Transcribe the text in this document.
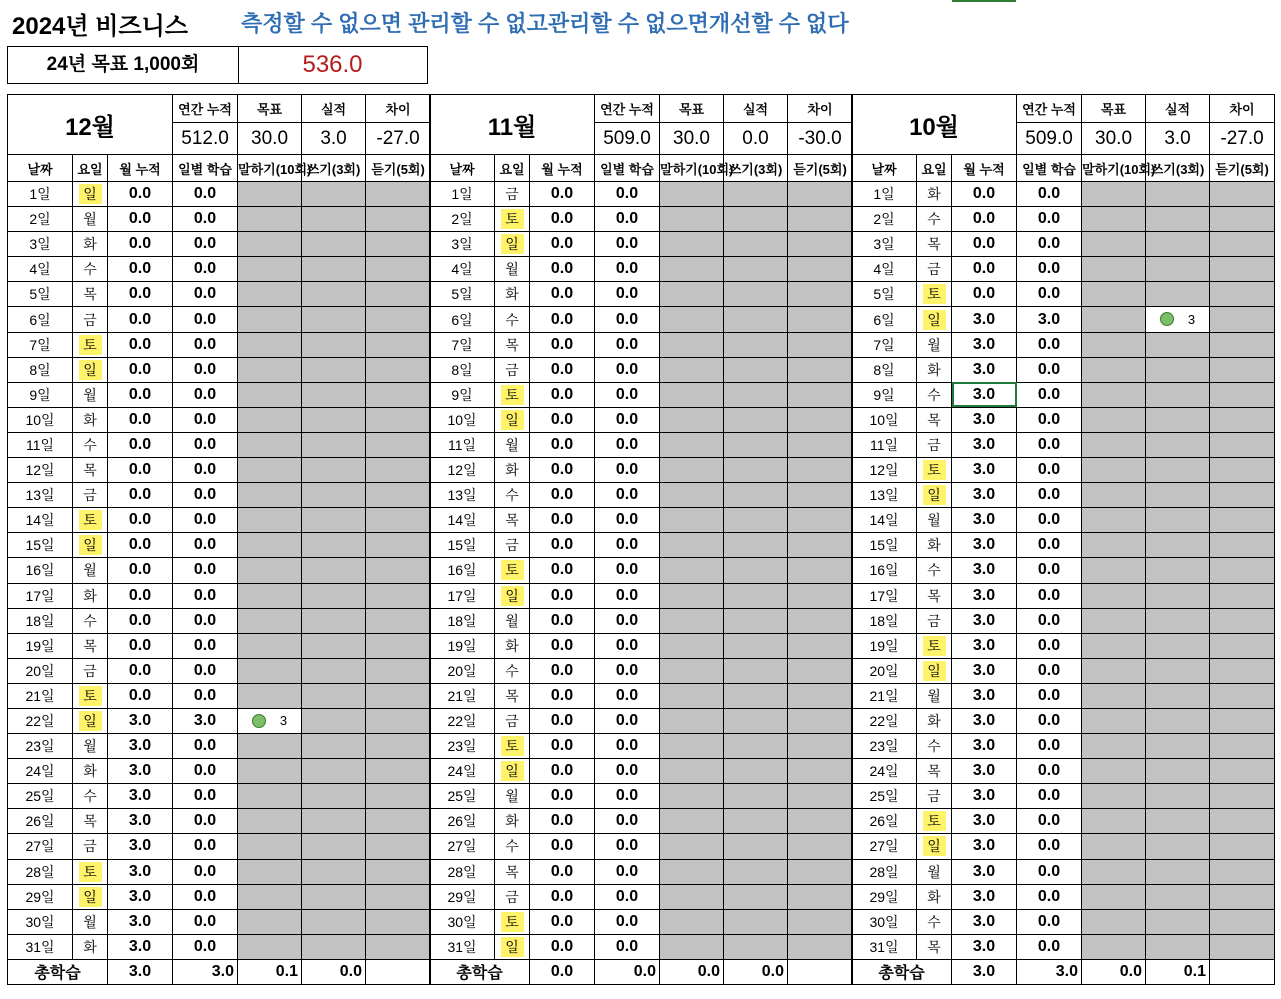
2024년 비즈니스 측정할 수 없으면 관리할 수 없고관리할 수 없으면개선할 수 없다
24년 목표 1,000회	536.0
12월			연간 누적	목표	실적	차이
			512.0	30.0	3.0	-27.0
날짜	요일	월 누적	일별 학습	말하기(10회)	쓰기(3회)	듣기(5회)
1일	일	0.0	0.0			
2일	월	0.0	0.0			
3일	화	0.0	0.0			
4일	수	0.0	0.0			
5일	목	0.0	0.0			
6일	금	0.0	0.0			
7일	토	0.0	0.0			
8일	일	0.0	0.0			
9일	월	0.0	0.0			
10일	화	0.0	0.0			
11일	수	0.0	0.0			
12일	목	0.0	0.0			
13일	금	0.0	0.0			
14일	토	0.0	0.0			
15일	일	0.0	0.0			
16일	월	0.0	0.0			
17일	화	0.0	0.0			
18일	수	0.0	0.0			
19일	목	0.0	0.0			
20일	금	0.0	0.0			
21일	토	0.0	0.0			
22일	일	3.0	3.0	3		
23일	월	3.0	0.0			
24일	화	3.0	0.0			
25일	수	3.0	0.0			
26일	목	3.0	0.0			
27일	금	3.0	0.0			
28일	토	3.0	0.0			
29일	일	3.0	0.0			
30일	월	3.0	0.0			
31일	화	3.0	0.0			
총학습		3.0	3.0	0.1	0.0	
11월			연간 누적	목표	실적	차이
			509.0	30.0	0.0	-30.0
날짜	요일	월 누적	일별 학습	말하기(10회)	쓰기(3회)	듣기(5회)
1일	금	0.0	0.0			
2일	토	0.0	0.0			
3일	일	0.0	0.0			
4일	월	0.0	0.0			
5일	화	0.0	0.0			
6일	수	0.0	0.0			
7일	목	0.0	0.0			
8일	금	0.0	0.0			
9일	토	0.0	0.0			
10일	일	0.0	0.0			
11일	월	0.0	0.0			
12일	화	0.0	0.0			
13일	수	0.0	0.0			
14일	목	0.0	0.0			
15일	금	0.0	0.0			
16일	토	0.0	0.0			
17일	일	0.0	0.0			
18일	월	0.0	0.0			
19일	화	0.0	0.0			
20일	수	0.0	0.0			
21일	목	0.0	0.0			
22일	금	0.0	0.0			
23일	토	0.0	0.0			
24일	일	0.0	0.0			
25일	월	0.0	0.0			
26일	화	0.0	0.0			
27일	수	0.0	0.0			
28일	목	0.0	0.0			
29일	금	0.0	0.0			
30일	토	0.0	0.0			
31일	일	0.0	0.0			
총학습		0.0	0.0	0.0	0.0	
10월			연간 누적	목표	실적	차이
			509.0	30.0	3.0	-27.0
날짜	요일	월 누적	일별 학습	말하기(10회)	쓰기(3회)	듣기(5회)
1일	화	0.0	0.0			
2일	수	0.0	0.0			
3일	목	0.0	0.0			
4일	금	0.0	0.0			
5일	토	0.0	0.0			
6일	일	3.0	3.0		3	
7일	월	3.0	0.0			
8일	화	3.0	0.0			
9일	수	3.0	0.0			
10일	목	3.0	0.0			
11일	금	3.0	0.0			
12일	토	3.0	0.0			
13일	일	3.0	0.0			
14일	월	3.0	0.0			
15일	화	3.0	0.0			
16일	수	3.0	0.0			
17일	목	3.0	0.0			
18일	금	3.0	0.0			
19일	토	3.0	0.0			
20일	일	3.0	0.0			
21일	월	3.0	0.0			
22일	화	3.0	0.0			
23일	수	3.0	0.0			
24일	목	3.0	0.0			
25일	금	3.0	0.0			
26일	토	3.0	0.0			
27일	일	3.0	0.0			
28일	월	3.0	0.0			
29일	화	3.0	0.0			
30일	수	3.0	0.0			
31일	목	3.0	0.0			
총학습		3.0	3.0	0.0	0.1	
